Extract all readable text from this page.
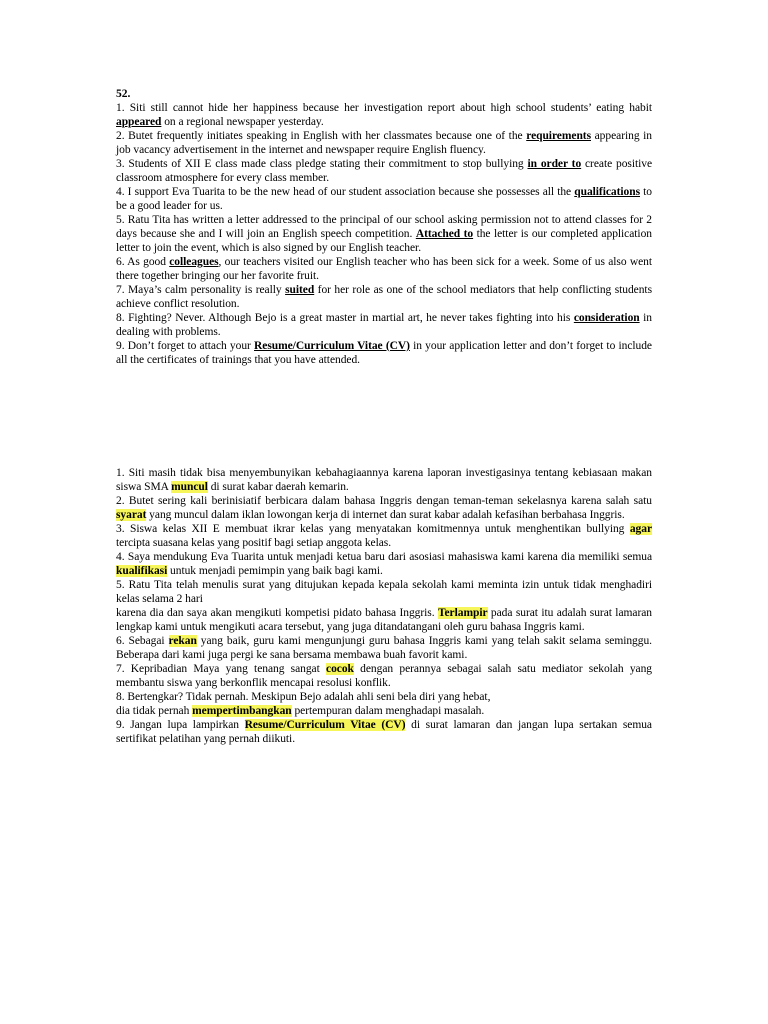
52.

1. Siti still cannot hide her happiness because her investigation report about high school students’ eating habit appeared on a regional newspaper yesterday.

2. Butet frequently initiates speaking in English with her classmates because one of the requirements appearing in job vacancy advertisement in the internet and newspaper require English fluency.

3. Students of XII E class made class pledge stating their commitment to stop bullying in order to create positive classroom atmosphere for every class member.

4. I support Eva Tuarita to be the new head of our student association because she possesses all the qualifications to be a good leader for us.

5. Ratu Tita has written a letter addressed to the principal of our school asking permission not to attend classes for 2 days because she and I will join an English speech competition. Attached to the letter is our completed application letter to join the event, which is also signed by our English teacher.

6. As good colleagues, our teachers visited our English teacher who has been sick for a week. Some of us also went there together bringing our her favorite fruit.

7. Maya’s calm personality is really suited for her role as one of the school mediators that help conflicting students achieve conflict resolution.

8. Fighting? Never. Although Bejo is a great master in martial art, he never takes fighting into his consideration in dealing with problems.

9. Don’t forget to attach your Resume/Curriculum Vitae (CV) in your application letter and don’t forget to include all the certificates of trainings that you have attended.

1. Siti masih tidak bisa menyembunyikan kebahagiaannya karena laporan investigasinya tentang kebiasaan makan siswa SMA muncul di surat kabar daerah kemarin.

2. Butet sering kali berinisiatif berbicara dalam bahasa Inggris dengan teman-teman sekelasnya karena salah satu syarat yang muncul dalam iklan lowongan kerja di internet dan surat kabar adalah kefasihan berbahasa Inggris.

3. Siswa kelas XII E membuat ikrar kelas yang menyatakan komitmennya untuk menghentikan bullying agar tercipta suasana kelas yang positif bagi setiap anggota kelas.

4. Saya mendukung Eva Tuarita untuk menjadi ketua baru dari asosiasi mahasiswa kami karena dia memiliki semua kualifikasi untuk menjadi pemimpin yang baik bagi kami.

5. Ratu Tita telah menulis surat yang ditujukan kepada kepala sekolah kami meminta izin untuk tidak menghadiri kelas selama 2 hari

karena dia dan saya akan mengikuti kompetisi pidato bahasa Inggris. Terlampir pada surat itu adalah surat lamaran lengkap kami untuk mengikuti acara tersebut, yang juga ditandatangani oleh guru bahasa Inggris kami.

6. Sebagai rekan yang baik, guru kami mengunjungi guru bahasa Inggris kami yang telah sakit selama seminggu. Beberapa dari kami juga pergi ke sana bersama membawa buah favorit kami.

7. Kepribadian Maya yang tenang sangat cocok dengan perannya sebagai salah satu mediator sekolah yang membantu siswa yang berkonflik mencapai resolusi konflik.

8. Bertengkar? Tidak pernah. Meskipun Bejo adalah ahli seni bela diri yang hebat,

dia tidak pernah mempertimbangkan pertempuran dalam menghadapi masalah.

9. Jangan lupa lampirkan Resume/Curriculum Vitae (CV) di surat lamaran dan jangan lupa sertakan semua sertifikat pelatihan yang pernah diikuti.
